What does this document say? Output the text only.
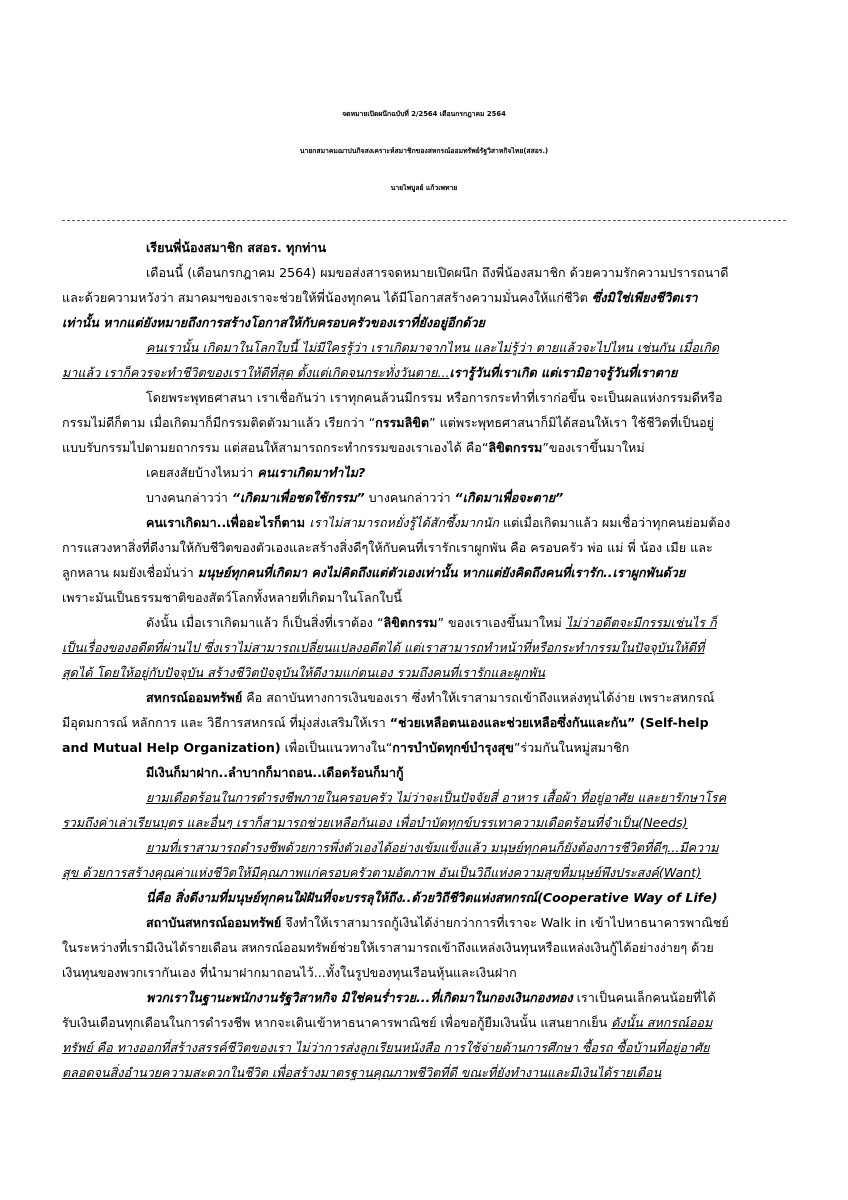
จดหมายเปิดผนึกฉบับที่ 2/2564 เดือนกรกฎาคม 2564
นายกสมาคมฌาปนกิจสงเคราะห์สมาชิกของสหกรณ์ออมทรัพย์รัฐวิสาหกิจไทย(สสอร.)
นายไพบูลย์ แก้วเพทาย
เรียนพี่น้องสมาชิก สสอร. ทุกท่าน
เดือนนี้ (เดือนกรกฎาคม 2564) ผมขอส่งสารจดหมายเปิดผนึก ถึงพี่น้องสมาชิก ด้วยความรักความปรารถนาดี
และด้วยความหวังว่า สมาคมฯของเราจะช่วยให้พี่น้องทุกคน ได้มีโอกาสสร้างความมั่นคงให้แก่ชีวิต ซึ่งมิใช่เพียงชีวิตเรา
เท่านั้น หากแต่ยังหมายถึงการสร้างโอกาสให้กับครอบครัวของเราที่ยังอยู่อีกด้วย
คนเรานั้น เกิดมาในโลกใบนี้ ไม่มีใครรู้ว่า เราเกิดมาจากไหน และไม่รู้ว่า ตายแล้วจะไปไหน เช่นกัน เมื่อเกิด
มาแล้ว เราก็ควรจะทำชีวิตของเราให้ดีที่สุด ตั้งแต่เกิดจนกระทั่งวันตาย...เรารู้วันที่เราเกิด แต่เรามิอาจรู้วันที่เราตาย
โดยพระพุทธศาสนา เราเชื่อกันว่า เราทุกคนล้วนมีกรรม หรือการกระทำที่เราก่อขึ้น จะเป็นผลแห่งกรรมดีหรือ
กรรมไม่ดีก็ตาม เมื่อเกิดมาก็มีกรรมติดตัวมาแล้ว เรียกว่า “กรรมลิขิต” แต่พระพุทธศาสนาก็มิได้สอนให้เรา ใช้ชีวิตที่เป็นอยู่
แบบรับกรรมไปตามยถากรรม แต่สอนให้สามารถกระทำกรรมของเราเองได้ คือ“ลิขิตกรรม”ของเราขึ้นมาใหม่
เคยสงสัยบ้างไหมว่า คนเราเกิดมาทำไม?
บางคนกล่าวว่า “เกิดมาเพื่อชดใช้กรรม” บางคนกล่าวว่า “เกิดมาเพื่อจะตาย”
คนเราเกิดมา..เพื่ออะไรก็ตาม เราไม่สามารถหยั่งรู้ได้สักซึ้งมากนัก แต่เมื่อเกิดมาแล้ว ผมเชื่อว่าทุกคนย่อมต้อง
การแสวงหาสิ่งที่ดีงามให้กับชีวิตของตัวเองและสร้างสิ่งดีๆให้กับคนที่เรารักเราผูกพัน คือ ครอบครัว พ่อ แม่ พี่ น้อง เมีย และ
ลูกหลาน ผมยังเชื่อมั่นว่า มนุษย์ทุกคนที่เกิดมา คงไม่คิดถึงแต่ตัวเองเท่านั้น หากแต่ยังคิดถึงคนที่เรารัก..เราผูกพันด้วย
เพราะมันเป็นธรรมชาติของสัตว์โลกทั้งหลายที่เกิดมาในโลกใบนี้
ดังนั้น เมื่อเราเกิดมาแล้ว ก็เป็นสิ่งที่เราต้อง “ลิขิตกรรม” ของเราเองขึ้นมาใหม่ ไม่ว่าอดีตจะมีกรรมเช่นไร ก็
เป็นเรื่องของอดีตที่ผ่านไป ซึ่งเราไม่สามารถเปลี่ยนแปลงอดีตได้ แต่เราสามารถทำหน้าที่หรือกระทำกรรมในปัจจุบันให้ดีที่
สุดได้ โดยให้อยู่กับปัจจุบัน สร้างชีวิตปัจจุบันให้ดีงามแก่ตนเอง รวมถึงคนที่เรารักและผูกพัน
สหกรณ์ออมทรัพย์ คือ สถาบันทางการเงินของเรา ซึ่งทำให้เราสามารถเข้าถึงแหล่งทุนได้ง่าย เพราะสหกรณ์
มีอุดมการณ์ หลักการ และ วิธีการสหกรณ์ ที่มุ่งส่งเสริมให้เรา “ช่วยเหลือตนเองและช่วยเหลือซึ่งกันและกัน” (Self-help
and Mutual Help Organization) เพื่อเป็นแนวทางใน“การบำบัดทุกข์บำรุงสุข”ร่วมกันในหมู่สมาชิก
มีเงินก็มาฝาก..ลำบากก็มาถอน..เดือดร้อนก็มากู้
ยามเดือดร้อนในการดำรงชีพภายในครอบครัว ไม่ว่าจะเป็นปัจจัยสี่ อาหาร เสื้อผ้า ที่อยู่อาศัย และยารักษาโรค
รวมถึงค่าเล่าเรียนบุตร และอื่นๆ เราก็สามารถช่วยเหลือกันเอง เพื่อบำบัดทุกข์บรรเทาความเดือดร้อนที่จำเป็น(Needs)
ยามที่เราสามารถดำรงชีพด้วยการพึ่งตัวเองได้อย่างเข้มแข็งแล้ว มนุษย์ทุกคนก็ยังต้องการชีวิตที่ดีๆ...มีความ
สุข ด้วยการสร้างคุณค่าแห่งชีวิตให้มีคุณภาพแก่ครอบครัวตามอัตภาพ อันเป็นวิถีแห่งความสุขที่มนุษย์พึงประสงค์(Want)
นี่คือ สิ่งดีงามที่มนุษย์ทุกคนใฝ่ฝันที่จะบรรลุให้ถึง..ด้วยวิถีชีวิตแห่งสหกรณ์(Cooperative Way of Life)
สถาบันสหกรณ์ออมทรัพย์ จึงทำให้เราสามารถกู้เงินได้ง่ายกว่าการที่เราจะ Walk in เข้าไปหาธนาคารพาณิชย์
ในระหว่างที่เรามีเงินได้รายเดือน สหกรณ์ออมทรัพย์ช่วยให้เราสามารถเข้าถึงแหล่งเงินทุนหรือแหล่งเงินกู้ได้อย่างง่ายๆ ด้วย
เงินทุนของพวกเรากันเอง ที่นำมาฝากมาถอนไว้...ทั้งในรูปของทุนเรือนหุ้นและเงินฝาก
พวกเราในฐานะพนักงานรัฐวิสาหกิจ มิใช่คนร่ำรวย...ที่เกิดมาในกองเงินกองทอง เราเป็นคนเล็กคนน้อยที่ได้
รับเงินเดือนทุกเดือนในการดำรงชีพ หากจะเดินเข้าหาธนาคารพาณิชย์ เพื่อขอกู้ยืมเงินนั้น แสนยากเย็น ดังนั้น สหกรณ์ออม
ทรัพย์ คือ ทางออกที่สร้างสรรค์ชีวิตของเรา ไม่ว่าการส่งลูกเรียนหนังสือ การใช้จ่ายด้านการศึกษา ซื้อรถ ซื้อบ้านที่อยู่อาศัย
ตลอดจนสิ่งอำนวยความสะดวกในชีวิต เพื่อสร้างมาตรฐานคุณภาพชีวิตที่ดี ขณะที่ยังทำงานและมีเงินได้รายเดือน
